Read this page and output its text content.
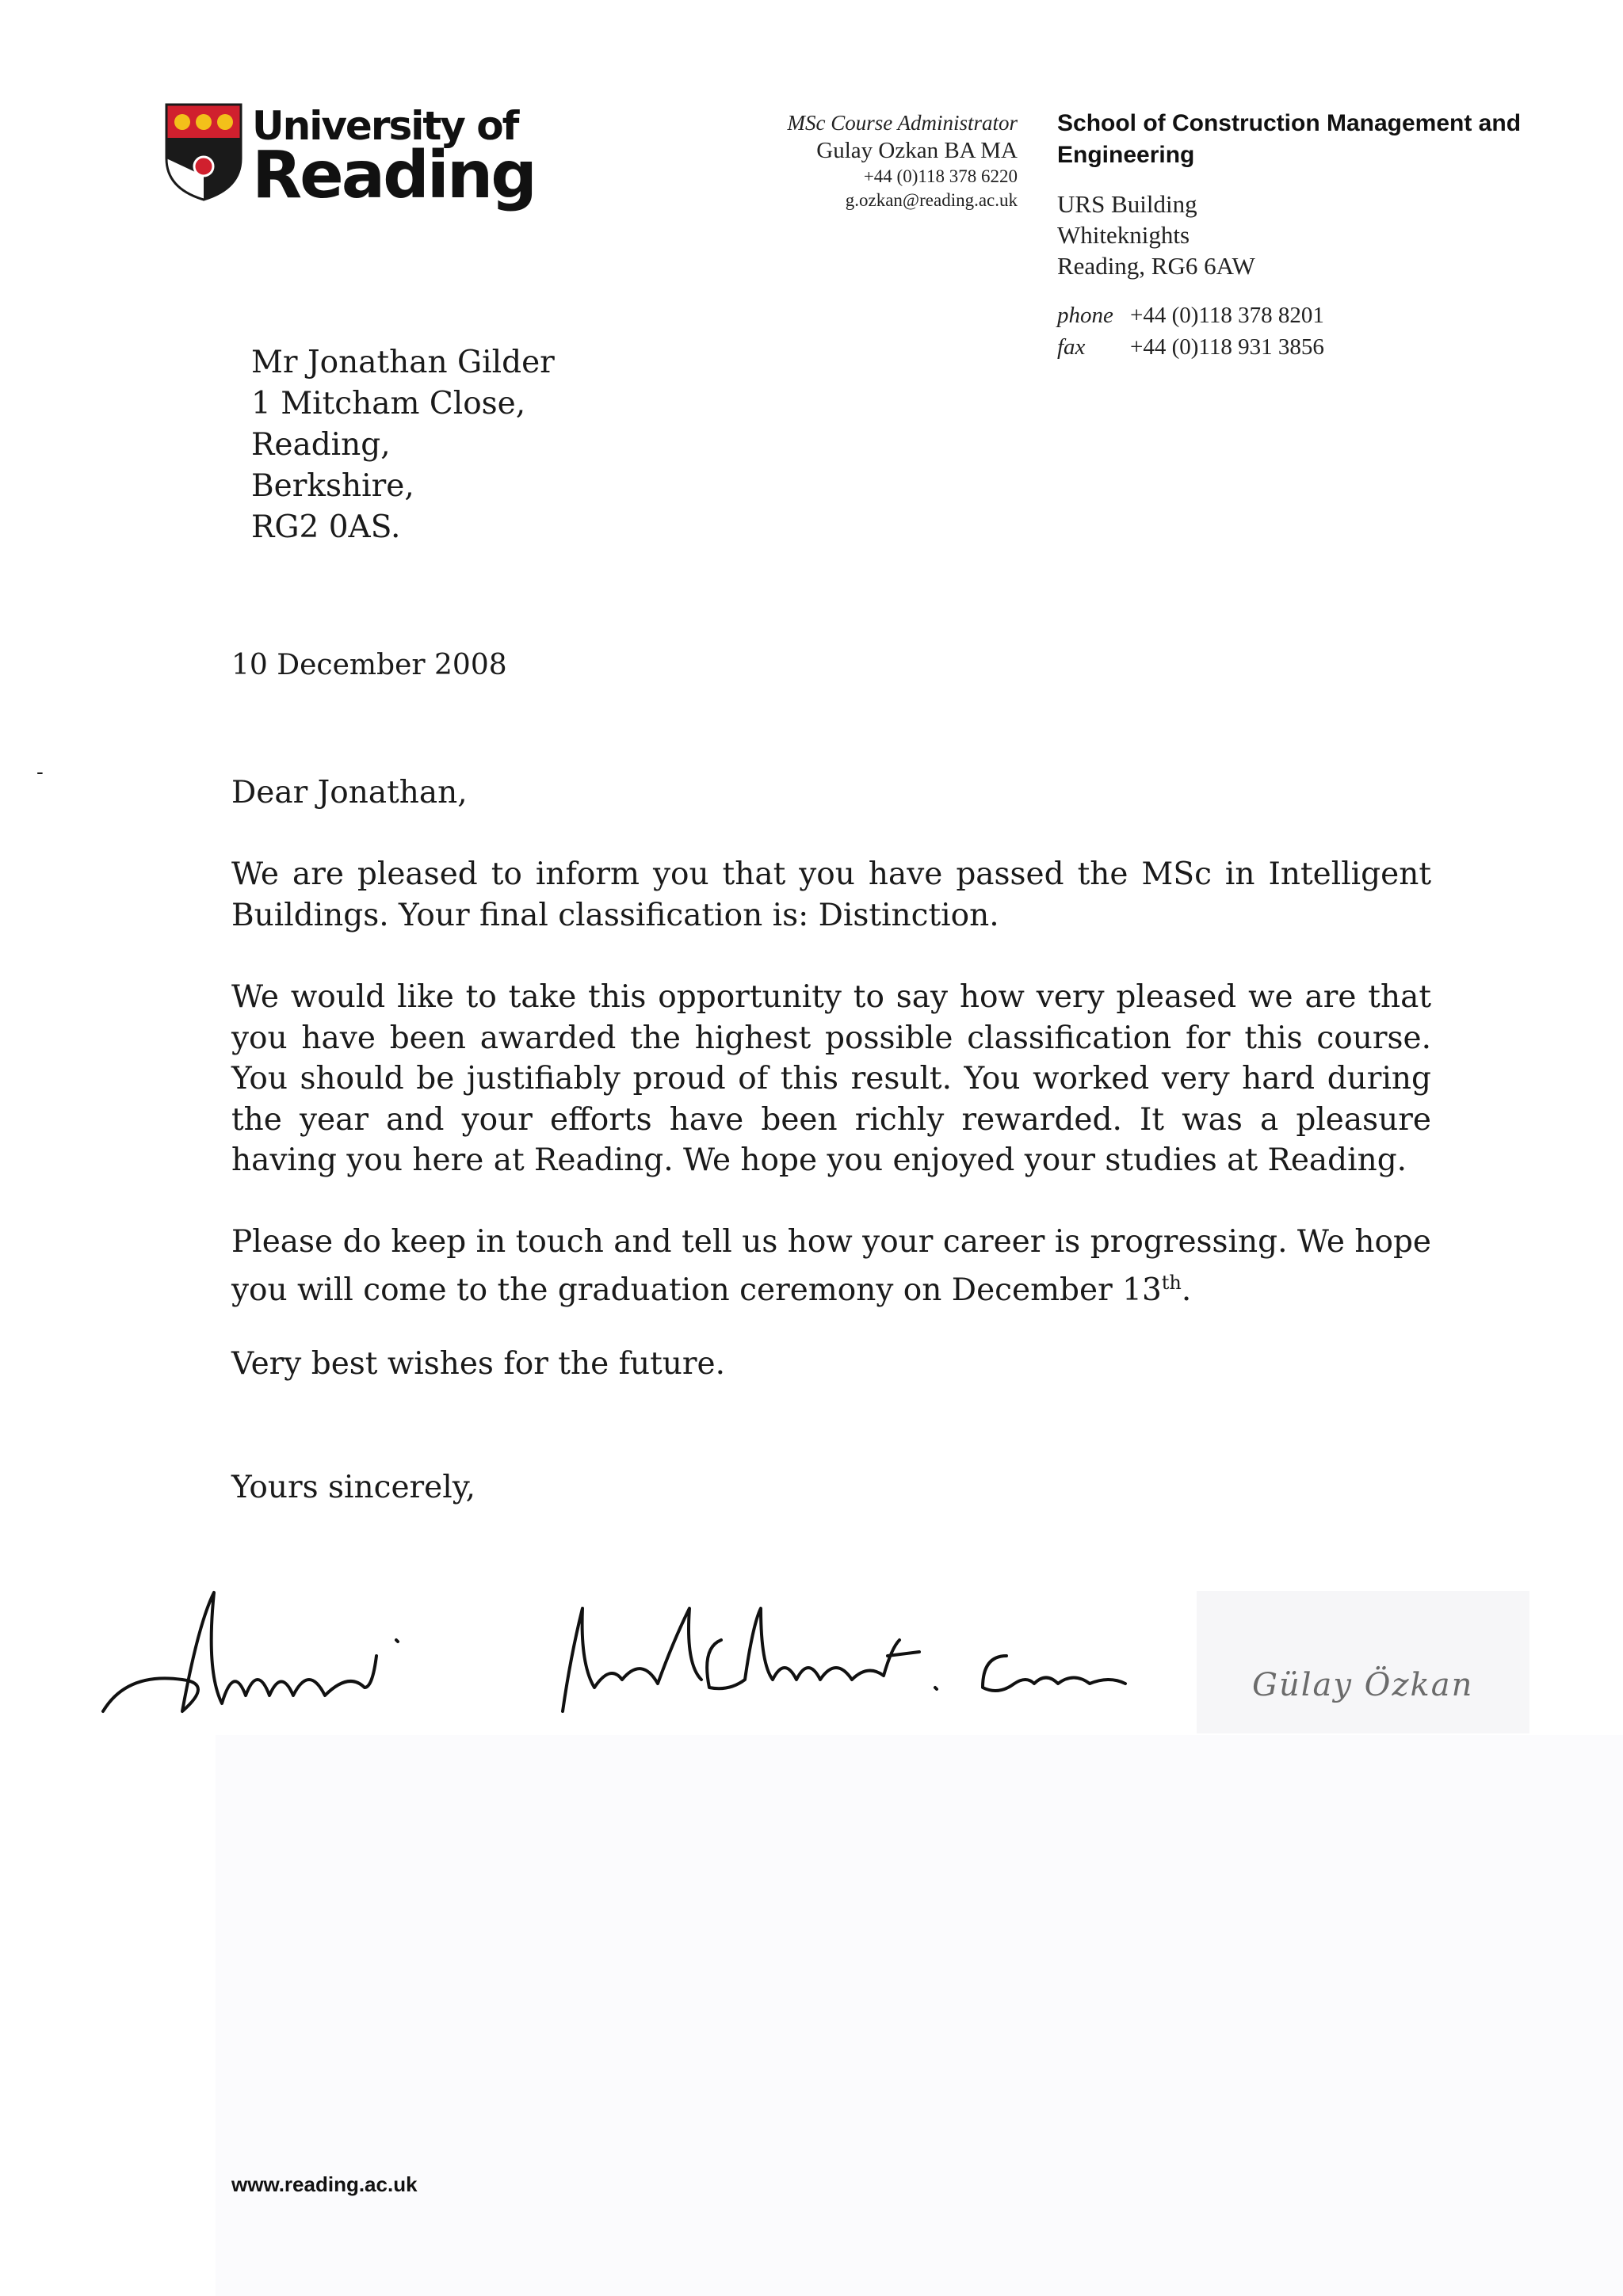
University of
Reading
MSc Course Administrator
Gulay Ozkan BA MA
+44 (0)118 378 6220
g.ozkan@reading.ac.uk
School of Construction Management and
Engineering
URS Building
Whiteknights
Reading, RG6 6AW
phone +44 (0)118 378 8201
fax +44 (0)118 931 3856
Mr Jonathan Gilder
1 Mitcham Close,
Reading,
Berkshire,
RG2 0AS.
10 December 2008
-
Dear Jonathan,
We are pleased to inform you that you have passed the MSc in Intelligent Buildings. Your final classification is: Distinction.
We would like to take this opportunity to say how very pleased we are that you have been awarded the highest possible classification for this course. You should be justifiably proud of this result. You worked very hard during the year and your efforts have been richly rewarded. It was a pleasure having you here at Reading. We hope you enjoyed your studies at Reading.
Please do keep in touch and tell us how your career is progressing. We hope you will come to the graduation ceremony on December 13th.
Very best wishes for the future.
Yours sincerely,
Gülay Özkan
www.reading.ac.uk
